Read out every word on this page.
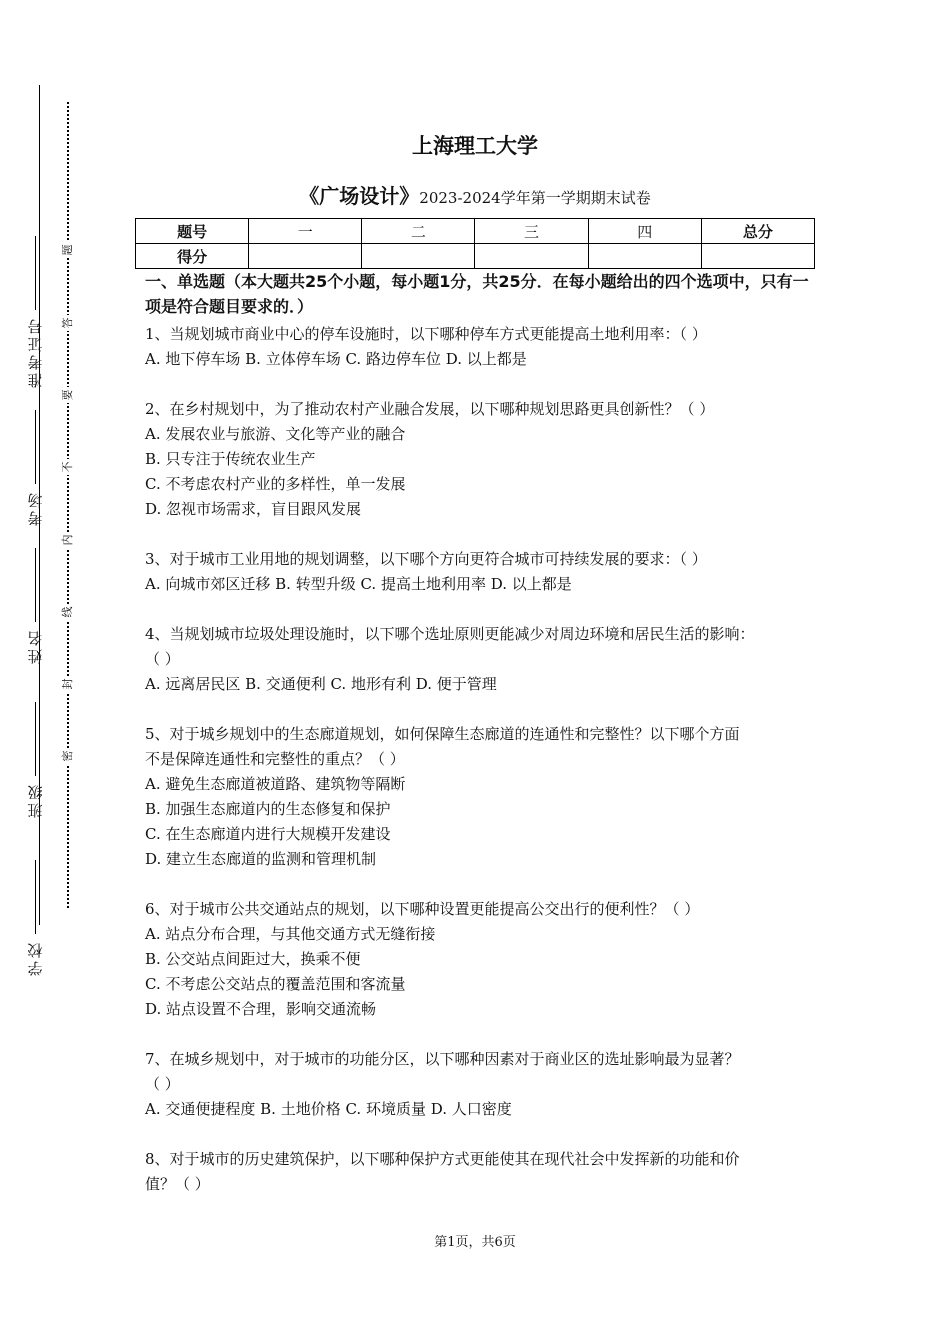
准考证号
考场
姓名
班级
学校
题
答
要
不
内
线
封
密
上海理工大学
《广场设计》2023-2024学年第一学期期末试卷
题号	一	二	三	四	总分
得分					
一、单选题（本大题共25个小题，每小题1分，共25分．在每小题给出的四个选项中，只有一项是符合题目要求的．）
1、当规划城市商业中心的停车设施时，以下哪种停车方式更能提高土地利用率：（ ）
A. 地下停车场 B. 立体停车场 C. 路边停车位 D. 以上都是
2、在乡村规划中，为了推动农村产业融合发展，以下哪种规划思路更具创新性？（ ）
A. 发展农业与旅游、文化等产业的融合
B. 只专注于传统农业生产
C. 不考虑农村产业的多样性，单一发展
D. 忽视市场需求，盲目跟风发展
3、对于城市工业用地的规划调整，以下哪个方向更符合城市可持续发展的要求：（ ）
A. 向城市郊区迁移 B. 转型升级 C. 提高土地利用率 D. 以上都是
4、当规划城市垃圾处理设施时，以下哪个选址原则更能减少对周边环境和居民生活的影响：
（ ）
A. 远离居民区 B. 交通便利 C. 地形有利 D. 便于管理
5、对于城乡规划中的生态廊道规划，如何保障生态廊道的连通性和完整性？以下哪个方面
不是保障连通性和完整性的重点？（ ）
A. 避免生态廊道被道路、建筑物等隔断
B. 加强生态廊道内的生态修复和保护
C. 在生态廊道内进行大规模开发建设
D. 建立生态廊道的监测和管理机制
6、对于城市公共交通站点的规划，以下哪种设置更能提高公交出行的便利性？（ ）
A. 站点分布合理，与其他交通方式无缝衔接
B. 公交站点间距过大，换乘不便
C. 不考虑公交站点的覆盖范围和客流量
D. 站点设置不合理，影响交通流畅
7、在城乡规划中，对于城市的功能分区，以下哪种因素对于商业区的选址影响最为显著？
（ ）
A. 交通便捷程度 B. 土地价格 C. 环境质量 D. 人口密度
8、对于城市的历史建筑保护，以下哪种保护方式更能使其在现代社会中发挥新的功能和价
值？（ ）
第1页，共6页
